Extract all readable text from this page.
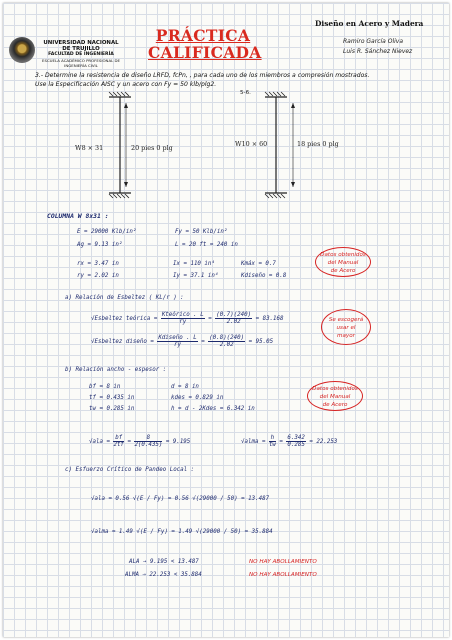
UNIVERSIDAD NACIONAL DE TRUJILLO
FACULTAD DE INGENIERÍA
ESCUELA ACADÉMICO PROFESIONAL DE INGENIERÍA CIVIL
PRÁCTICA
CALIFICADA
Diseño en Acero y Madera
Ramiro García Oliva
Luis R. Sánchez Nievez
3.- Determine la resistencia de diseño LRFD, fcPn, , para cada uno de los miembros a compresión mostrados. Use la Especificación AISC y un acero con Fy = 50 klb/plg2.
5-6.
W8 × 31	20 pies 0 plg	W10 × 60	18 pies 0 plg
COLUMNA W 8x31 :
E = 29000 Klb/in²	Fy = 50 Klb/in²
Ag = 9.13 in²	L = 20 ft = 240 in
rx = 3.47 in	Ix = 110 in⁴	Kmáx = 0.7
ry = 2.02 in	Iy = 37.1 in⁴	Kdiseño = 0.8
Datos obtenidos
del Manual
de Acero
a) Relación de Esbeltez ( KL/r ) :
√Esbeltez teórica = $\frac{\text{Kteórico . L}}{ry} = \frac{(0.7)(240)}{2.02} = 83.168$
√Esbeltez diseño = $\frac{\text{Kdiseño . L}}{ry} = \frac{(0.8)(240)}{2.02} = 95.05$
Se escogerá
usar el
mayor
b) Relación ancho - espesor :
bf = 8 in	d = 8 in
tf = 0.435 in	kdes = 0.829 in
tw = 0.285 in	h = d - 2Kdes = 6.342 in
Datos obtenidos
del Manual
de Acero
$√ala = \frac{bf}{2tf} = \frac{8}{2(0.435)} = 9.195$	√alma = $\frac{h}{tw} = \frac{6.342}{0.285} = 22.253$
c) Esfuerzo Crítico de Pandeo Local :
√ala = 0.56 √(E / Fy) = 0.56 √(29000 / 50) = 13.487
√alma = 1.49 √(E / Fy) = 1.49 √(29000 / 50) = 35.884
ALA → 9.195 < 13.487	NO HAY ABOLLAMIENTO
ALMA → 22.253 < 35.884	NO HAY ABOLLAMIENTO
